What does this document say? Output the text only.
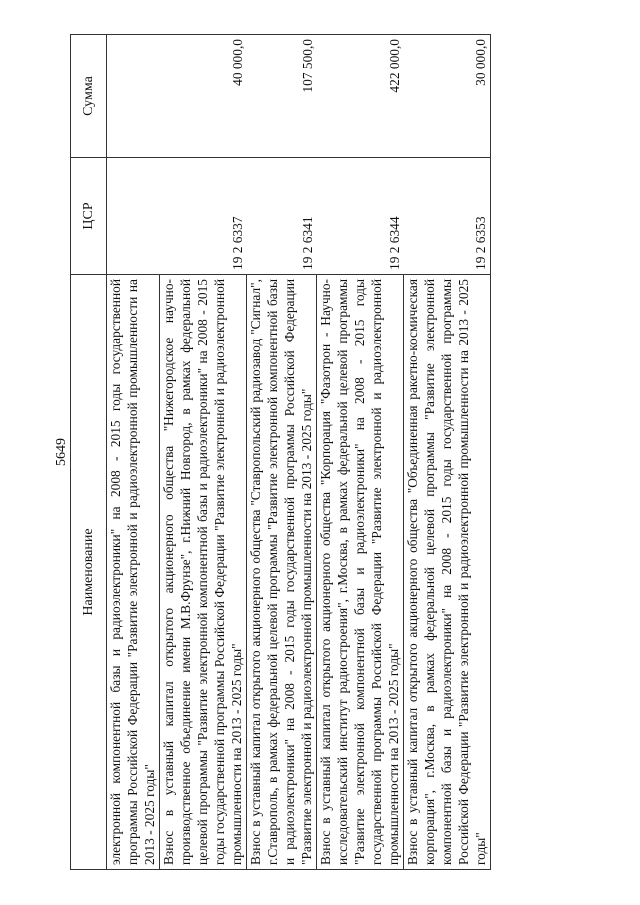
5649
Наименование	ЦСР	Сумма
электронной компонентной базы и радиоэлектроники" на 2008 - 2015 годы государственной программы Российской Федерации "Развитие электронной и радиоэлектронной промышленности на 2013 - 2025 годы"		
Взнос в уставный капитал открытого акционерного общества "Нижегородское научно-производственное объединение имени М.В.Фрунзе", г.Нижний Новгород, в рамках федеральной целевой программы "Развитие электронной компонентной базы и радиоэлектроники" на 2008 - 2015 годы государственной программы Российской Федерации "Развитие электронной и радиоэлектронной промышленности на 2013 - 2025 годы"	19 2 6337	40 000,0
Взнос в уставный капитал открытого акционерного общества "Ставропольский радиозавод "Сигнал", г.Ставрополь, в рамках федеральной целевой программы "Развитие электронной компонентной базы и радиоэлектроники" на 2008 - 2015 годы государственной программы Российской Федерации "Развитие электронной и радиоэлектронной промышленности на 2013 - 2025 годы"	19 2 6341	107 500,0
Взнос в уставный капитал открытого акционерного общества "Корпорация "Фазотрон - Научно-исследовательский институт радиостроения", г.Москва, в рамках федеральной целевой программы "Развитие электронной компонентной базы и радиоэлектроники" на 2008 - 2015 годы государственной программы Российской Федерации "Развитие электронной и радиоэлектронной промышленности на 2013 - 2025 годы"	19 2 6344	422 000,0
Взнос в уставный капитал открытого акционерного общества "Объединенная ракетно-космическая корпорация", г.Москва, в рамках федеральной целевой программы "Развитие электронной компонентной базы и радиоэлектроники" на 2008 - 2015 годы государственной программы Российской Федерации "Развитие электронной и радиоэлектронной промышленности на 2013 - 2025 годы"	19 2 6353	30 000,0
